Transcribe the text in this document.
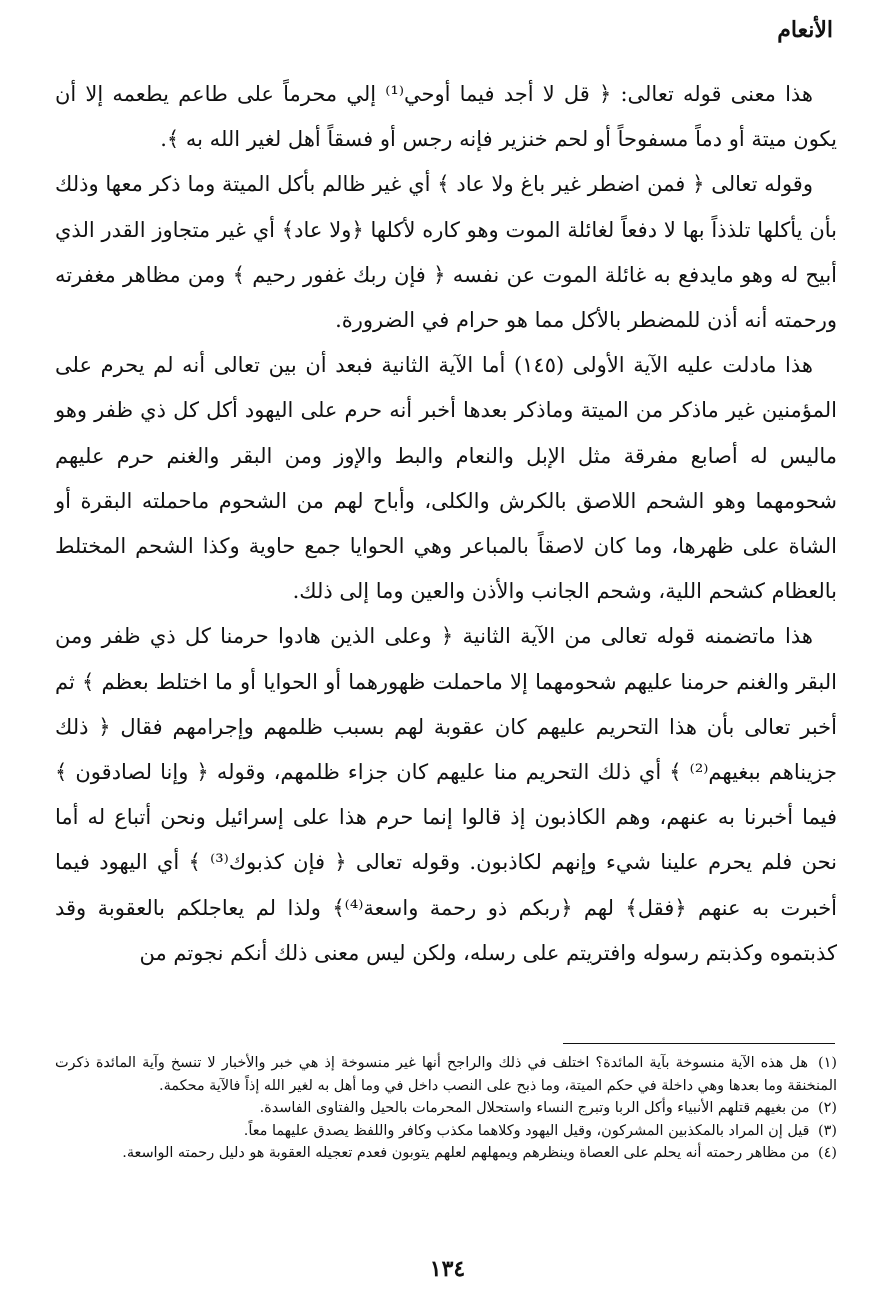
الأنعام

هذا معنى قوله تعالى: ﴿ قل لا أجد فيما أوحي⁽¹⁾ إلي محرماً على طاعم يطعمه إلا أن يكون ميتة أو دماً مسفوحاً أو لحم خنزير فإنه رجس أو فسقاً أهل لغير الله به ﴾.

وقوله تعالى ﴿ فمن اضطر غير باغ ولا عاد ﴾ أي غير ظالم بأكل الميتة وما ذكر معها وذلك بأن يأكلها تلذذاً بها لا دفعاً لغائلة الموت وهو كاره لأكلها ﴿ولا عاد﴾ أي غير متجاوز القدر الذي أبيح له وهو مايدفع به غائلة الموت عن نفسه ﴿ فإن ربك غفور رحيم ﴾ ومن مظاهر مغفرته ورحمته أنه أذن للمضطر بالأكل مما هو حرام في الضرورة.

هذا مادلت عليه الآية الأولى (١٤٥) أما الآية الثانية فبعد أن بين تعالى أنه لم يحرم على المؤمنين غير ماذكر من الميتة وماذكر بعدها أخبر أنه حرم على اليهود أكل كل ذي ظفر وهو ماليس له أصابع مفرقة مثل الإبل والنعام والبط والإوز ومن البقر والغنم حرم عليهم شحومهما وهو الشحم اللاصق بالكرش والكلى، وأباح لهم من الشحوم ماحملته البقرة أو الشاة على ظهرها، وما كان لاصقاً بالمباعر وهي الحوايا جمع حاوية وكذا الشحم المختلط بالعظام كشحم اللية، وشحم الجانب والأذن والعين وما إلى ذلك.

هذا ماتضمنه قوله تعالى من الآية الثانية ﴿ وعلى الذين هادوا حرمنا كل ذي ظفر ومن البقر والغنم حرمنا عليهم شحومهما إلا ماحملت ظهورهما أو الحوايا أو ما اختلط بعظم ﴾ ثم أخبر تعالى بأن هذا التحريم عليهم كان عقوبة لهم بسبب ظلمهم وإجرامهم فقال ﴿ ذلك جزيناهم ببغيهم⁽²⁾ ﴾ أي ذلك التحريم منا عليهم كان جزاء ظلمهم، وقوله ﴿ وإنا لصادقون ﴾ فيما أخبرنا به عنهم، وهم الكاذبون إذ قالوا إنما حرم هذا على إسرائيل ونحن أتباع له أما نحن فلم يحرم علينا شيء وإنهم لكاذبون. وقوله تعالى ﴿ فإن كذبوك⁽³⁾ ﴾ أي اليهود فيما أخبرت به عنهم ﴿فقل﴾ لهم ﴿ربكم ذو رحمة واسعة⁽⁴⁾﴾ ولذا لم يعاجلكم بالعقوبة وقد كذبتموه وكذبتم رسوله وافتريتم على رسله، ولكن ليس معنى ذلك أنكم نجوتم من

(١) هل هذه الآية منسوخة بآية المائدة؟ اختلف في ذلك والراجح أنها غير منسوخة إذ هي خبر والأخبار لا تنسخ وآية المائدة ذكرت المنخنقة وما بعدها وهي داخلة في حكم الميتة، وما ذبح على النصب داخل في وما أهل به لغير الله إذاً فالآية محكمة.

(٢) من بغيهم قتلهم الأنبياء وأكل الربا وتبرج النساء واستحلال المحرمات بالحيل والفتاوى الفاسدة.

(٣) قيل إن المراد بالمكذبين المشركون، وقيل اليهود وكلاهما مكذب وكافر واللفظ يصدق عليهما معاً.

(٤) من مظاهر رحمته أنه يحلم على العصاة وينظرهم ويمهلهم لعلهم يتوبون فعدم تعجيله العقوبة هو دليل رحمته الواسعة.

١٣٤
